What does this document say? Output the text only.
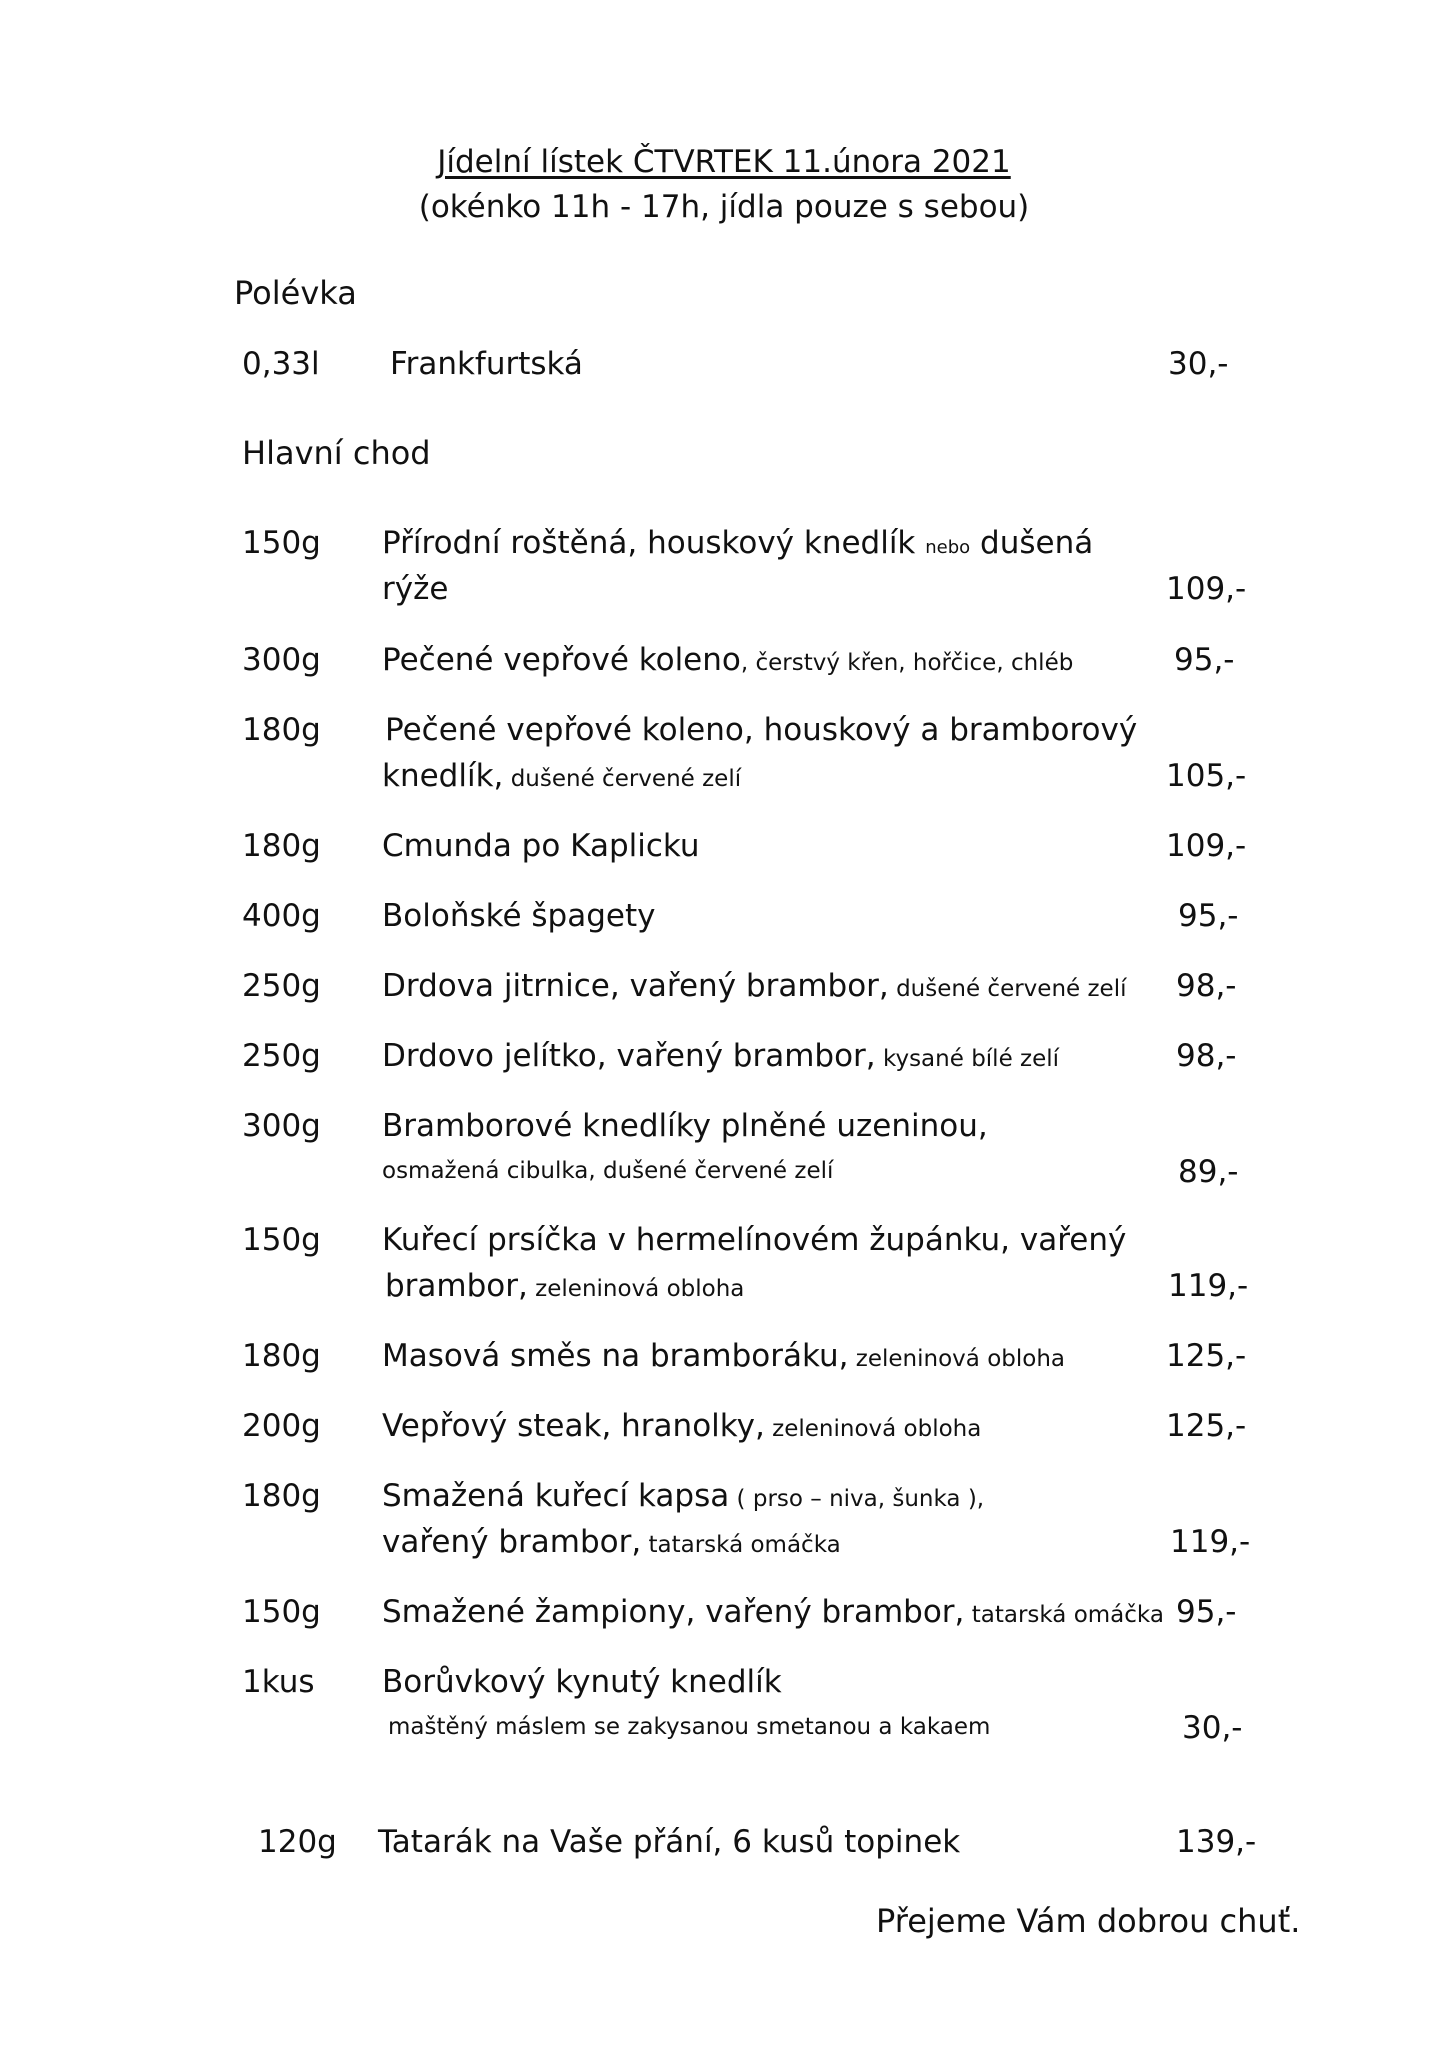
Jídelní lístek ČTVRTEK 11.února 2021
(okénko 11h - 17h, jídla pouze s sebou)
Polévka
0,33l Frankfurtská	30,-
Hlavní chod
150g Přírodní roštěná, houskový knedlík nebo dušená
rýže	109,-
300g Pečené vepřové koleno, čerstvý křen, hořčice, chléb	95,-
180g Pečené vepřové koleno, houskový a bramborový
knedlík, dušené červené zelí	105,-
180g Cmunda po Kaplicku	109,-
400g Boloňské špagety	95,-
250g Drdova jitrnice, vařený brambor, dušené červené zelí 98,-
250g Drdovo jelítko, vařený brambor, kysané bílé zelí	98,-
300g Bramborové knedlíky plněné uzeninou,
osmažená cibulka, dušené červené zelí	89,-
150g Kuřecí prsíčka v hermelínovém župánku, vařený
brambor, zeleninová obloha	119,-
180g Masová směs na bramboráku, zeleninová obloha	125,-
200g Vepřový steak, hranolky, zeleninová obloha	125,-
180g Smažená kuřecí kapsa ( prso – niva, šunka ),
vařený brambor, tatarská omáčka	119,-
150g Smažené žampiony, vařený brambor, tatarská omáčka 95,-
1kus Borůvkový kynutý knedlík
maštěný máslem se zakysanou smetanou a kakaem	30,-
120g Tatarák na Vaše přání, 6 kusů topinek	139,-
Přejeme Vám dobrou chuť.
